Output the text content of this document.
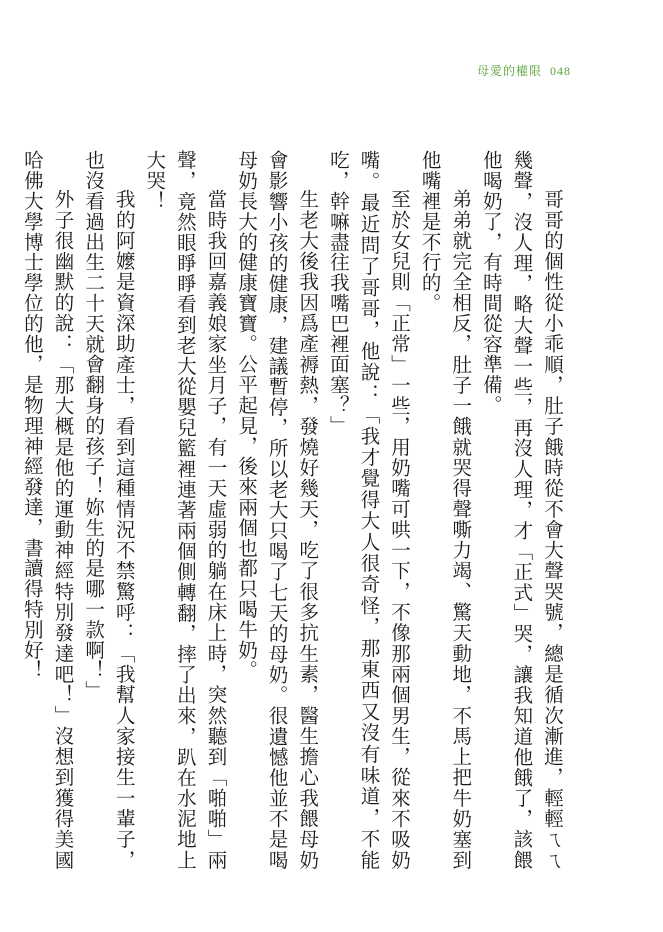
母愛的權限 048

哥哥的個性從小乖順，肚子餓時從不會大聲哭號，總是循次漸進，輕輕ㄟㄟ幾聲，沒人理，略大聲一些，再沒人理，才「正式」哭，讓我知道他餓了，該餵他喝奶了，有時間從容準備。

弟弟就完全相反，肚子一餓就哭得聲嘶力竭、驚天動地，不馬上把牛奶塞到他嘴裡是不行的。

至於女兒則「正常」一些，用奶嘴可哄一下，不像那兩個男生，從來不吸奶嘴。最近問了哥哥，他說：「我才覺得大人很奇怪，那東西又沒有味道，不能吃，幹嘛盡往我嘴巴裡面塞？」

生老大後我因爲產褥熱，發燒好幾天，吃了很多抗生素，醫生擔心我餵母奶會影響小孩的健康，建議暫停，所以老大只喝了七天的母奶。很遺憾他並不是喝母奶長大的健康寶寶。公平起見，後來兩個也都只喝牛奶。

當時我回嘉義娘家坐月子，有一天虛弱的躺在床上時，突然聽到「啪啪」兩聲，竟然眼睜睜看到老大從嬰兒籃裡連著兩個側轉翻，摔了出來，趴在水泥地上大哭！

我的阿嬤是資深助產士，看到這種情況不禁驚呼：「我幫人家接生一輩子，也沒看過出生二十天就會翻身的孩子！妳生的是哪一款啊！」

外子很幽默的說：「那大概是他的運動神經特別發達吧！」沒想到獲得美國哈佛大學博士學位的他，是物理神經發達，書讀得特別好！
